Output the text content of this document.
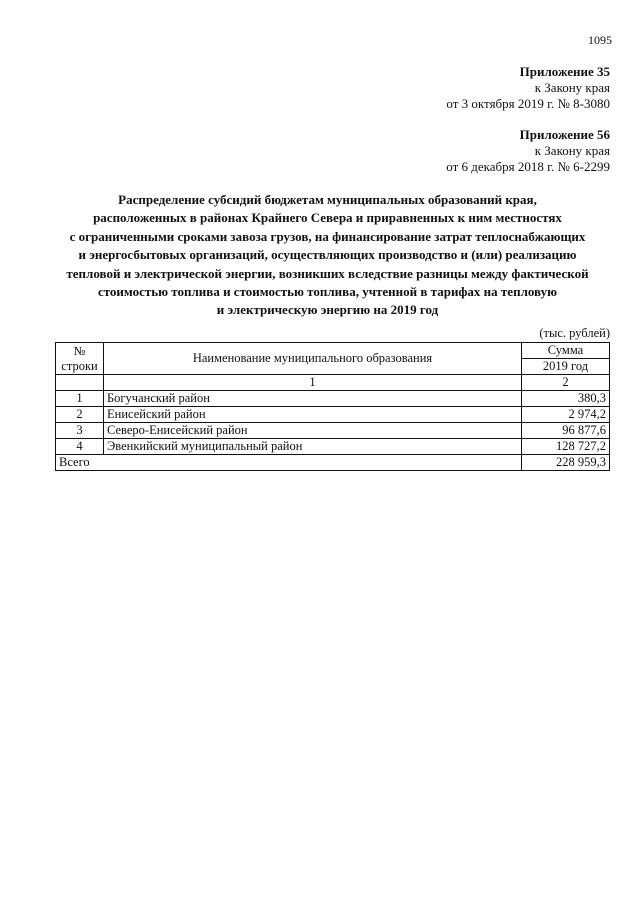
1095
Приложение 35
к Закону края
от 3 октября 2019 г. № 8-3080
Приложение 56
к Закону края
от 6 декабря 2018 г. № 6-2299
Распределение субсидий бюджетам муниципальных образований края,
расположенных в районах Крайнего Севера и приравненных к ним местностях
с ограниченными сроками завоза грузов, на финансирование затрат теплоснабжающих
и энергосбытовых организаций, осуществляющих производство и (или) реализацию
тепловой и электрической энергии, возникших вследствие разницы между фактической
стоимостью топлива и стоимостью топлива, учтенной в тарифах на тепловую
и электрическую энергию на 2019 год
(тыс. рублей)
№
строки	Наименование муниципального образования	Сумма
		2019 год
	1	2
1	Богучанский район	380,3
2	Енисейский район	2 974,2
3	Северо-Енисейский район	96 877,6
4	Эвенкийский муниципальный район	128 727,2
Всего		228 959,3
